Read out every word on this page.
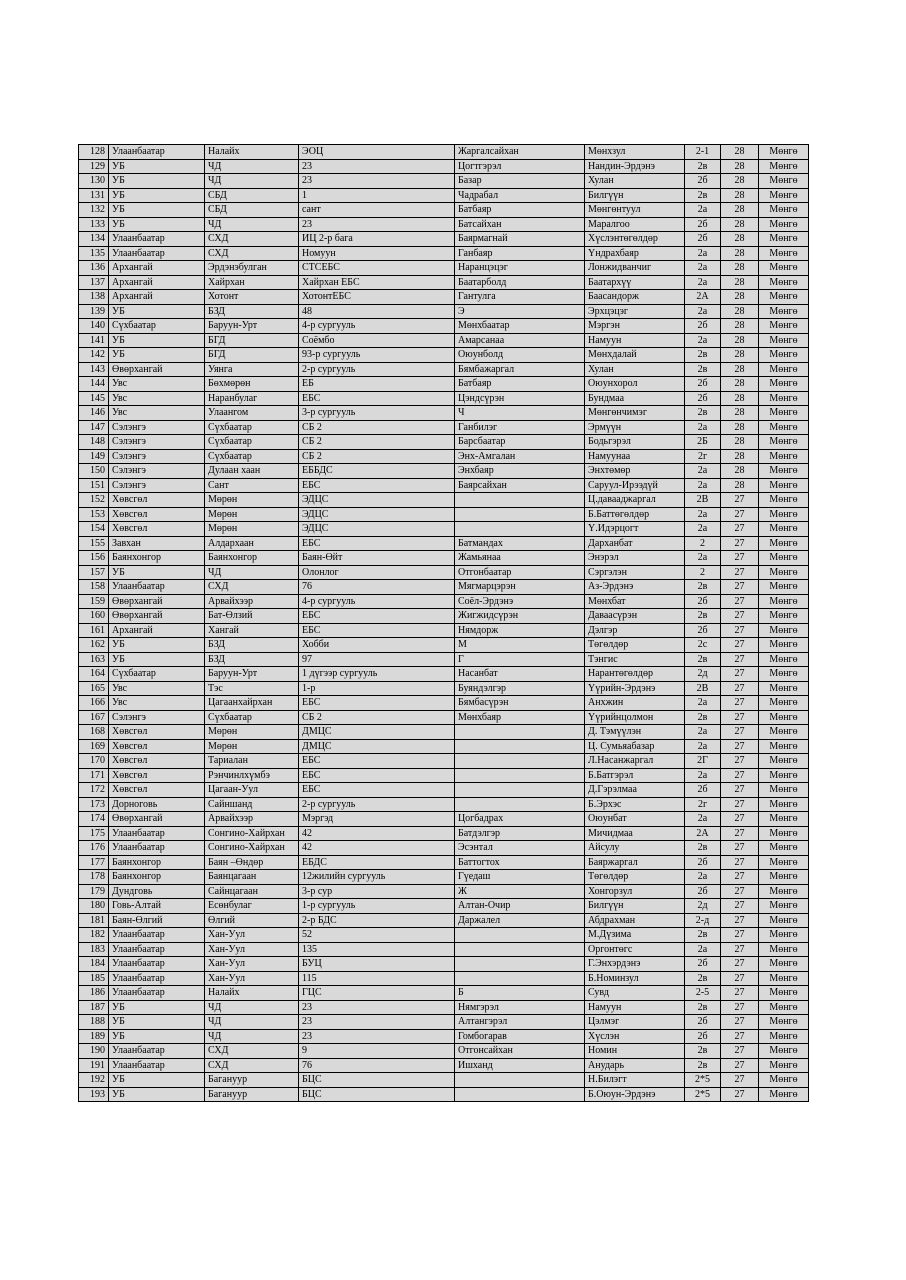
128	Улаанбаатар	Налайх	ЭОЦ	Жаргалсайхан	Мөнхзул	2-1	28	Мөнгө
129	УБ	ЧД	23	Цогтгэрэл	Нандин-Эрдэнэ	2в	28	Мөнгө
130	УБ	ЧД	23	Базар	Хулан	2б	28	Мөнгө
131	УБ	СБД	1	Чадрабал	Билгүүн	2в	28	Мөнгө
132	УБ	СБД	сант	Батбаяр	Мөнгөнтуул	2а	28	Мөнгө
133	УБ	ЧД	23	Батсайхан	Маралгоо	2б	28	Мөнгө
134	Улаанбаатар	СХД	ИЦ 2-р бага	Баярмагнай	Хүслэнтөгөлдөр	2б	28	Мөнгө
135	Улаанбаатар	СХД	Номуун	Ганбаяр	Үндрахбаяр	2а	28	Мөнгө
136	Архангай	Эрдэнэбулган	СТСЕБС	Наранцэцэг	Лонжидванчиг	2а	28	Мөнгө
137	Архангай	Хайрхан	Хайрхан ЕБС	Баатарболд	Баатархүү	2а	28	Мөнгө
138	Архангай	Хотонт	ХотонтЕБС	Гантулга	Баасандорж	2А	28	Мөнгө
139	УБ	БЗД	48	Э	Эрхцэцэг	2а	28	Мөнгө
140	Сүхбаатар	Баруун-Урт	4-р сургууль	Мөнхбаатар	Мэргэн	2б	28	Мөнгө
141	УБ	БГД	Соёмбо	Амарсанаа	Намуун	2а	28	Мөнгө
142	УБ	БГД	93-р сургууль	Оюунболд	Мөнхдалай	2в	28	Мөнгө
143	Өвөрхангай	Уянга	2-р сургууль	Бямбажаргал	Хулан	2в	28	Мөнгө
144	Увс	Бөхмөрөн	ЕБ	Батбаяр	Оюунхорол	2б	28	Мөнгө
145	Увс	Наранбулаг	ЕБС	Цэндсүрэн	Бундмаа	2б	28	Мөнгө
146	Увс	Улаангом	3-р сургууль	Ч	Мөнгөнчимэг	2в	28	Мөнгө
147	Сэлэнгэ	Сүхбаатар	СБ 2	Ганбилэг	Эрмүүн	2а	28	Мөнгө
148	Сэлэнгэ	Сүхбаатар	СБ 2	Барсбаатар	Бодьгэрэл	2Б	28	Мөнгө
149	Сэлэнгэ	Сүхбаатар	СБ 2	Энх-Амгалан	Намуунаа	2г	28	Мөнгө
150	Сэлэнгэ	Дулаан хаан	ЕББДС	Энхбаяр	Энхтөмөр	2а	28	Мөнгө
151	Сэлэнгэ	Сант	ЕБС	Баярсайхан	Саруул-Ирээдүй	2а	28	Мөнгө
152	Хөвсгөл	Мөрөн	ЭДЦС		Ц.давааджаргал	2В	27	Мөнгө
153	Хөвсгөл	Мөрөн	ЭДЦС		Б.Баттөгөлдөр	2а	27	Мөнгө
154	Хөвсгөл	Мөрөн	ЭДЦС		Ү.Идэрцогт	2а	27	Мөнгө
155	Завхан	Алдархаан	ЕБС	Батмандах	Дарханбат	2	27	Мөнгө
156	Баянхонгор	Баянхонгор	Баян-Өйт	Жамьянаа	Энэрэл	2а	27	Мөнгө
157	УБ	ЧД	Олонлог	Отгонбаатар	Сэргэлэн	2	27	Мөнгө
158	Улаанбаатар	СХД	76	Мягмарцэрэн	Аз-Эрдэнэ	2в	27	Мөнгө
159	Өвөрхангай	Арвайхээр	4-р сургууль	Соёл-Эрдэнэ	Мөнхбат	2б	27	Мөнгө
160	Өвөрхангай	Бат-Өлзий	ЕБС	Жигжидсүрэн	Даваасүрэн	2в	27	Мөнгө
161	Архангай	Хангай	ЕБС	Нямдорж	Дэлгэр	2б	27	Мөнгө
162	УБ	БЗД	Хобби	М	Төгөлдөр	2с	27	Мөнгө
163	УБ	БЗД	97	Г	Тэнгис	2в	27	Мөнгө
164	Сүхбаатар	Баруун-Урт	1 дүгээр сургууль	Насанбат	Нарантөгөлдөр	2д	27	Мөнгө
165	Увс	Тэс	1-р	Буяндэлгэр	Үүрийн-Эрдэнэ	2В	27	Мөнгө
166	Увс	Цагаанхайрхан	ЕБС	Бямбасүрэн	Анхжин	2а	27	Мөнгө
167	Сэлэнгэ	Сүхбаатар	СБ 2	Мөнхбаяр	Үүрийнцолмон	2в	27	Мөнгө
168	Хөвсгөл	Мөрөн	ДМЦС		Д. Тэмүүлэн	2а	27	Мөнгө
169	Хөвсгөл	Мөрөн	ДМЦС		Ц. Сумьяабазар	2а	27	Мөнгө
170	Хөвсгөл	Тариалан	ЕБС		Л.Насанжаргал	2Г	27	Мөнгө
171	Хөвсгөл	Рэнчинлхүмбэ	ЕБС		Б.Батгэрэл	2а	27	Мөнгө
172	Хөвсгөл	Цагаан-Уул	ЕБС		Д.Гэрэлмаа	2б	27	Мөнгө
173	Дорноговь	Сайншанд	2-р сургууль		Б.Эрхэс	2г	27	Мөнгө
174	Өвөрхангай	Арвайхээр	Мэргэд	Цогбадрах	Оюунбат	2а	27	Мөнгө
175	Улаанбаатар	Сонгино-Хайрхан	42	Батдэлгэр	Мичидмаа	2А	27	Мөнгө
176	Улаанбаатар	Сонгино-Хайрхан	42	Эсэнтал	Айсулу	2в	27	Мөнгө
177	Баянхонгор	Баян –Өндөр	ЕБДС	Баттогтох	Баяржаргал	2б	27	Мөнгө
178	Баянхонгор	Баянцагаан	12жилийн сургууль	Гүедаш	Төгөлдөр	2а	27	Мөнгө
179	Дундговь	Сайнцагаан	3-р сур	Ж	Хонгорзул	2б	27	Мөнгө
180	Говь-Алтай	Есөнбулаг	1-р сургууль	Алтан-Очир	Билгүүн	2д	27	Мөнгө
181	Баян-Өлгий	Өлгий	2-р БДС	Даржалел	Абдрахман	2-д	27	Мөнгө
182	Улаанбаатар	Хан-Уул	52		М.Дүзима	2в	27	Мөнгө
183	Улаанбаатар	Хан-Уул	135		Оргонтөгс	2а	27	Мөнгө
184	Улаанбаатар	Хан-Уул	БУЦ		Г.Энхэрдэнэ	2б	27	Мөнгө
185	Улаанбаатар	Хан-Уул	115		Б.Номинзул	2в	27	Мөнгө
186	Улаанбаатар	Налайх	ГЦС	Б	Сувд	2-5	27	Мөнгө
187	УБ	ЧД	23	Нямгэрэл	Намуун	2в	27	Мөнгө
188	УБ	ЧД	23	Алтангэрэл	Цэлмэг	2б	27	Мөнгө
189	УБ	ЧД	23	Гомбогарав	Хүслэн	2б	27	Мөнгө
190	Улаанбаатар	СХД	9	Отгонсайхан	Номин	2в	27	Мөнгө
191	Улаанбаатар	СХД	76	Ишханд	Анударь	2в	27	Мөнгө
192	УБ	Багануур	БЦС		Н.Билэгт	2*5	27	Мөнгө
193	УБ	Багануур	БЦС		Б.Оюун-Эрдэнэ	2*5	27	Мөнгө
